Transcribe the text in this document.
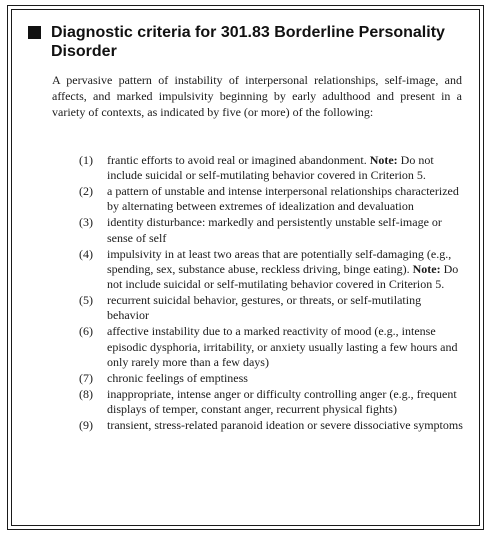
Diagnostic criteria for 301.83 Borderline Personality Disorder

A pervasive pattern of instability of interpersonal relationships, self-image, and affects, and marked impulsivity beginning by early adulthood and present in a variety of contexts, as indicated by five (or more) of the following:

(1) frantic efforts to avoid real or imagined abandonment. Note: Do not include suicidal or self-mutilating behavior covered in Criterion 5.
(2) a pattern of unstable and intense interpersonal relationships characterized by alternating between extremes of idealization and devaluation
(3) identity disturbance: markedly and persistently unstable self-image or sense of self
(4) impulsivity in at least two areas that are potentially self-damaging (e.g., spending, sex, substance abuse, reckless driving, binge eating). Note: Do not include suicidal or self-mutilating behavior covered in Criterion 5.
(5) recurrent suicidal behavior, gestures, or threats, or self-mutilating behavior
(6) affective instability due to a marked reactivity of mood (e.g., intense episodic dysphoria, irritability, or anxiety usually lasting a few hours and only rarely more than a few days)
(7) chronic feelings of emptiness
(8) inappropriate, intense anger or difficulty controlling anger (e.g., frequent displays of temper, constant anger, recurrent physical fights)
(9) transient, stress-related paranoid ideation or severe dissociative symptoms
